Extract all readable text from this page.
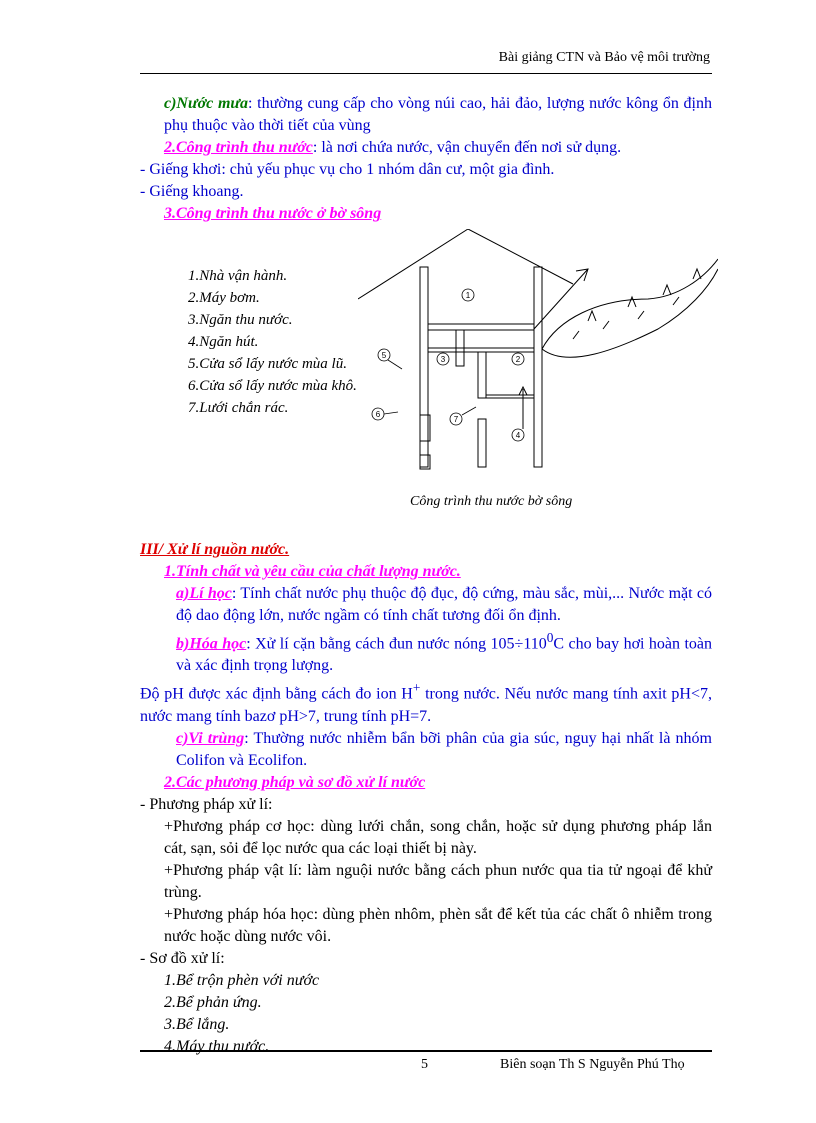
Bài giảng CTN và Bảo vệ môi trường

c)Nước mưa: thường cung cấp cho vòng núi cao, hải đảo, lượng nước kông ổn định phụ thuộc vào thời tiết của vùng

2.Công trình thu nước: là nơi chứa nước, vận chuyển đến nơi sử dụng.

- Giếng khơi: chủ yếu phục vụ cho 1 nhóm dân cư, một gia đình.

- Giếng khoang.

3.Công trình thu nước ở bờ sông

1.Nhà vận hành.
2.Máy bơm.
3.Ngăn thu nước.
4.Ngăn hút.
5.Cửa sổ lấy nước mùa lũ.
6.Cửa sổ lấy nước mùa khô.
7.Lưới chắn rác.
1
2
3
4
5
6
7
Công trình thu nước bờ sông

III/ Xử lí nguồn nước.

1.Tính chất và yêu cầu của chất lượng nước.

a)Lí học: Tính chất nước phụ thuộc độ đục, độ cứng, màu sắc, mùi,... Nước mặt có độ dao động lớn, nước ngầm có tính chất tương đối ổn định.

b)Hóa học: Xử lí cặn bằng cách đun nước nóng $105\div 110^0C$ cho bay hơi hoàn toàn và xác định trọng lượng.

Độ pH được xác định bằng cách đo ion H+ trong nước. Nếu nước mang tính axit pH<7, nước mang tính bazơ pH>7, trung tính pH=7.

c)Vi trùng: Thường nước nhiễm bẩn bỡi phân của gia súc, nguy hại nhất là nhóm Colifon và Ecolifon.

2.Các phương pháp và sơ đồ xử lí nước

- Phương pháp xử lí:

+Phương pháp cơ học: dùng lưới chắn, song chắn, hoặc sử dụng phương pháp lắn cát, sạn, sỏi để lọc nước qua các loại thiết bị này.

+Phương pháp vật lí: làm nguội nước bằng cách phun nước qua tia tử ngoại để khử trùng.

+Phương pháp hóa học: dùng phèn nhôm, phèn sắt để kết tủa các chất ô nhiễm trong nước hoặc dùng nước vôi.

- Sơ đồ xử lí:

1.Bể trộn phèn với nước

2.Bể phản ứng.

3.Bể lắng.

4.Máy thu nước.

5	Biên soạn Th S Nguyễn Phú Thọ
